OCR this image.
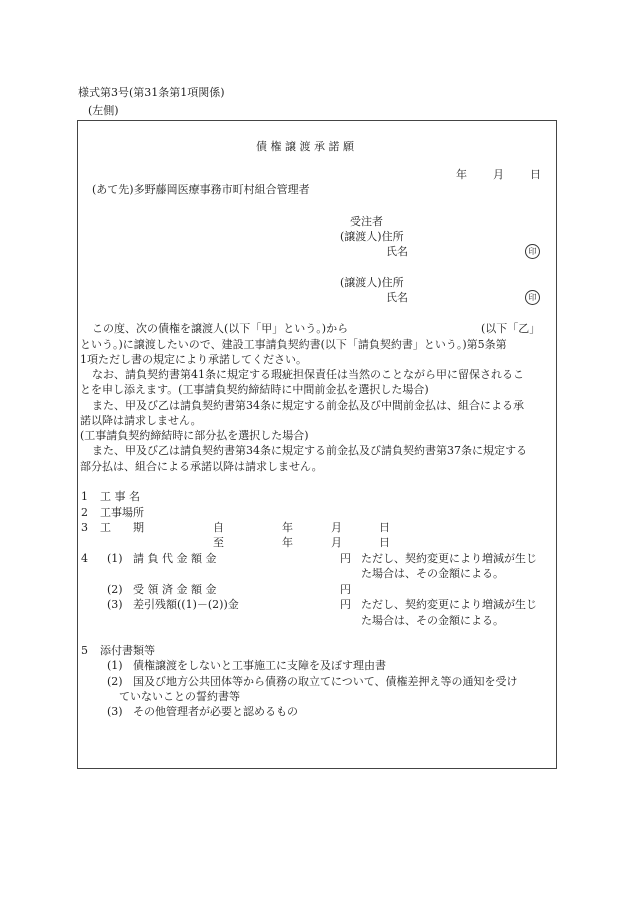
様式第3号(第31条第1項関係)
(左側)
債 権 譲 渡 承 諾 願
年 月 日
(あて先)多野藤岡医療事務市町村組合管理者
受注者
(譲渡人)住所
氏名	印
(譲渡人)住所
氏名	印
この度、次の債権を譲渡人(以下「甲」という。)から	(以下「乙」
という。)に譲渡したいので、建設工事請負契約書(以下「請負契約書」という。)第5条第
1項ただし書の規定により承諾してください。
なお、請負契約書第41条に規定する瑕疵担保責任は当然のことながら甲に留保されるこ
とを申し添えます。(工事請負契約締結時に中間前金払を選択した場合)
また、甲及び乙は請負契約書第34条に規定する前金払及び中間前金払は、組合による承
諾以降は請求しません。
(工事請負契約締結時に部分払を選択した場合)
また、甲及び乙は請負契約書第34条に規定する前金払及び請負契約書第37条に規定する
部分払は、組合による承諾以降は請求しません。
1 工 事 名
2 工事場所
3 工　　期	自	年	月	日
至	年	月	日
4 (1) 請 負 代 金 額 金	円 ただし、契約変更により増減が生じ
た場合は、その金額による。
(2) 受 領 済 金 額 金	円
(3) 差引残額((1)－(2))金	円 ただし、契約変更により増減が生じ
た場合は、その金額による。
5 添付書類等
(1) 債権譲渡をしないと工事施工に支障を及ぼす理由書
(2) 国及び地方公共団体等から債務の取立てについて、債権差押え等の通知を受け
ていないことの誓約書等
(3) その他管理者が必要と認めるもの
